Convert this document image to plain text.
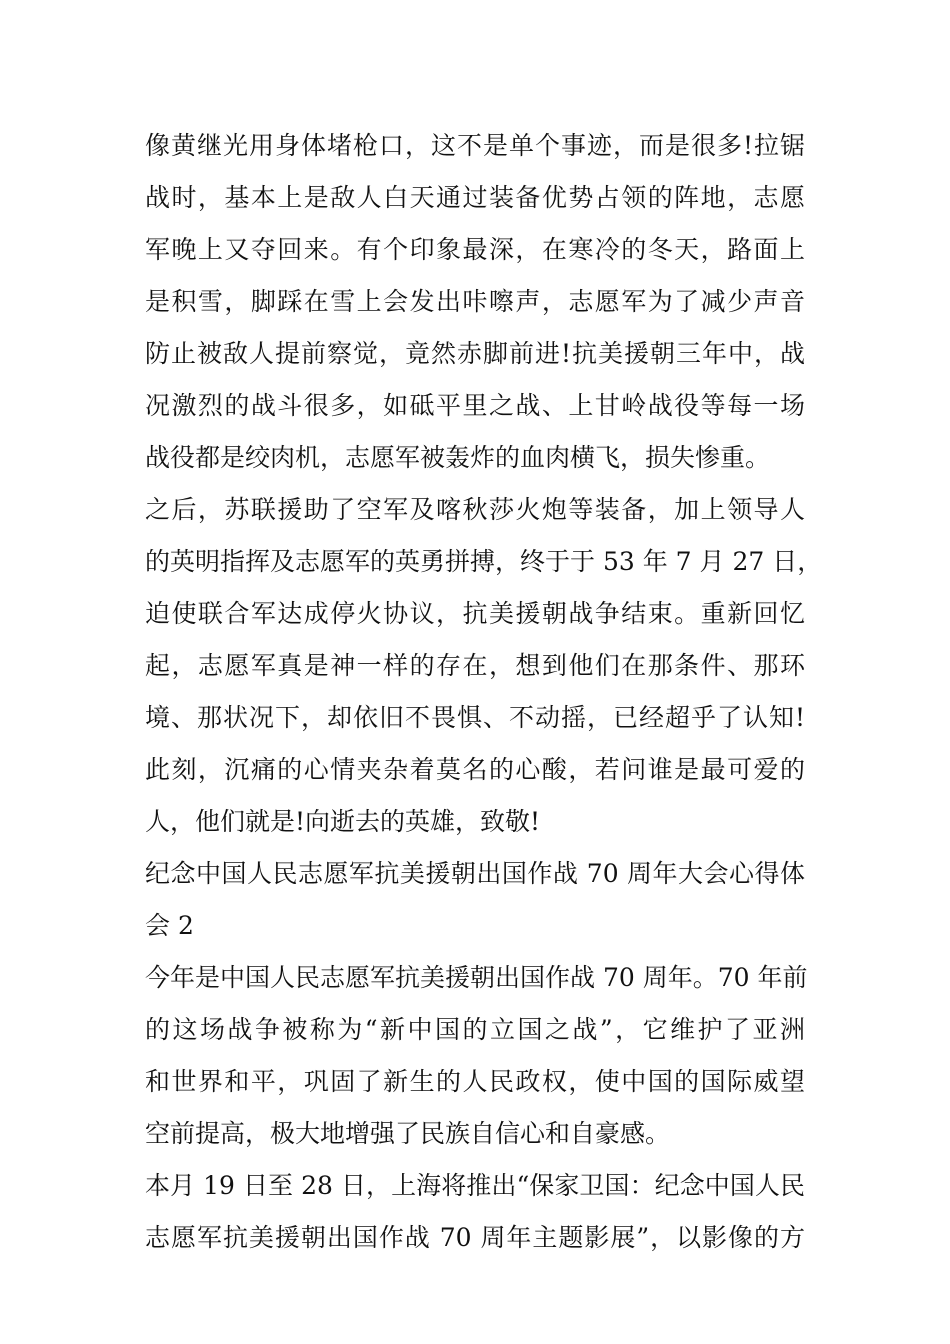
像黄继光用身体堵枪口，这不是单个事迹，而是很多!拉锯
战时，基本上是敌人白天通过装备优势占领的阵地，志愿
军晚上又夺回来。有个印象最深，在寒冷的冬天，路面上
是积雪，脚踩在雪上会发出咔嚓声，志愿军为了减少声音
防止被敌人提前察觉，竟然赤脚前进!抗美援朝三年中，战
况激烈的战斗很多，如砥平里之战、上甘岭战役等每一场
战役都是绞肉机，志愿军被轰炸的血肉横飞，损失惨重。
之后，苏联援助了空军及喀秋莎火炮等装备，加上领导人
的英明指挥及志愿军的英勇拼搏，终于于 53 年 7 月 27 日，
迫使联合军达成停火协议，抗美援朝战争结束。重新回忆
起，志愿军真是神一样的存在，想到他们在那条件、那环
境、那状况下，却依旧不畏惧、不动摇，已经超乎了认知!
此刻，沉痛的心情夹杂着莫名的心酸，若问谁是最可爱的
人，他们就是!向逝去的英雄，致敬!
纪念中国人民志愿军抗美援朝出国作战 70 周年大会心得体
会 2
今年是中国人民志愿军抗美援朝出国作战 70 周年。70 年前
的这场战争被称为“新中国的立国之战”，它维护了亚洲
和世界和平，巩固了新生的人民政权，使中国的国际威望
空前提高，极大地增强了民族自信心和自豪感。
本月 19 日至 28 日，上海将推出“保家卫国：纪念中国人民
志愿军抗美援朝出国作战 70 周年主题影展”，以影像的方
